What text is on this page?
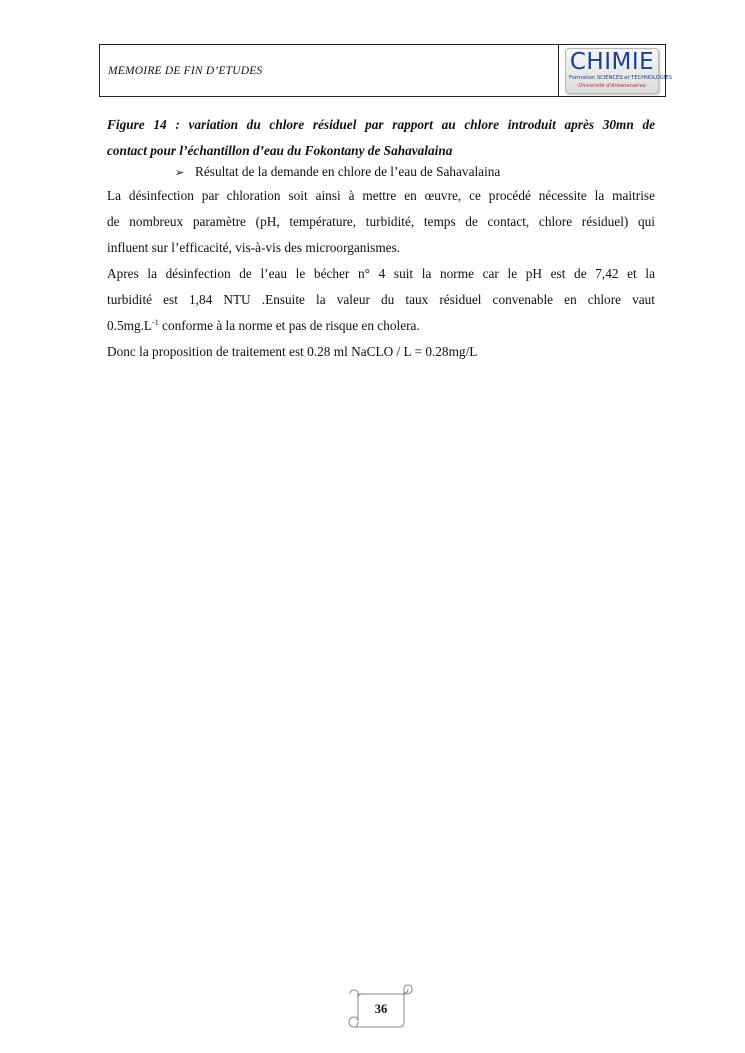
MEMOIRE DE FIN D’ETUDES	CHIMIE
Formation SCIENCES et TECHNOLOGIES
Université d'Antananarivo
Figure 14 : variation du chlore résiduel par rapport au chlore introduit après 30mn de
contact pour l’échantillon d’eau du Fokontany de Sahavalaina
➢ Résultat de la demande en chlore de l’eau de Sahavalaina
La désinfection par chloration soit ainsi à mettre en œuvre, ce procédé nécessite la maitrise
de nombreux paramètre (pH, température, turbidité, temps de contact, chlore résiduel) qui
influent sur l’efficacité, vis-à-vis des microorganismes.
Apres la désinfection de l’eau le bécher n° 4 suit la norme car le pH est de 7,42 et la
turbidité est 1,84 NTU .Ensuite la valeur du taux résiduel convenable en chlore vaut
$0.5mg.L^{-1}$ conforme à la norme et pas de risque en cholera.
Donc la proposition de traitement est 0.28 ml NaCLO / L = 0.28mg/L
36
